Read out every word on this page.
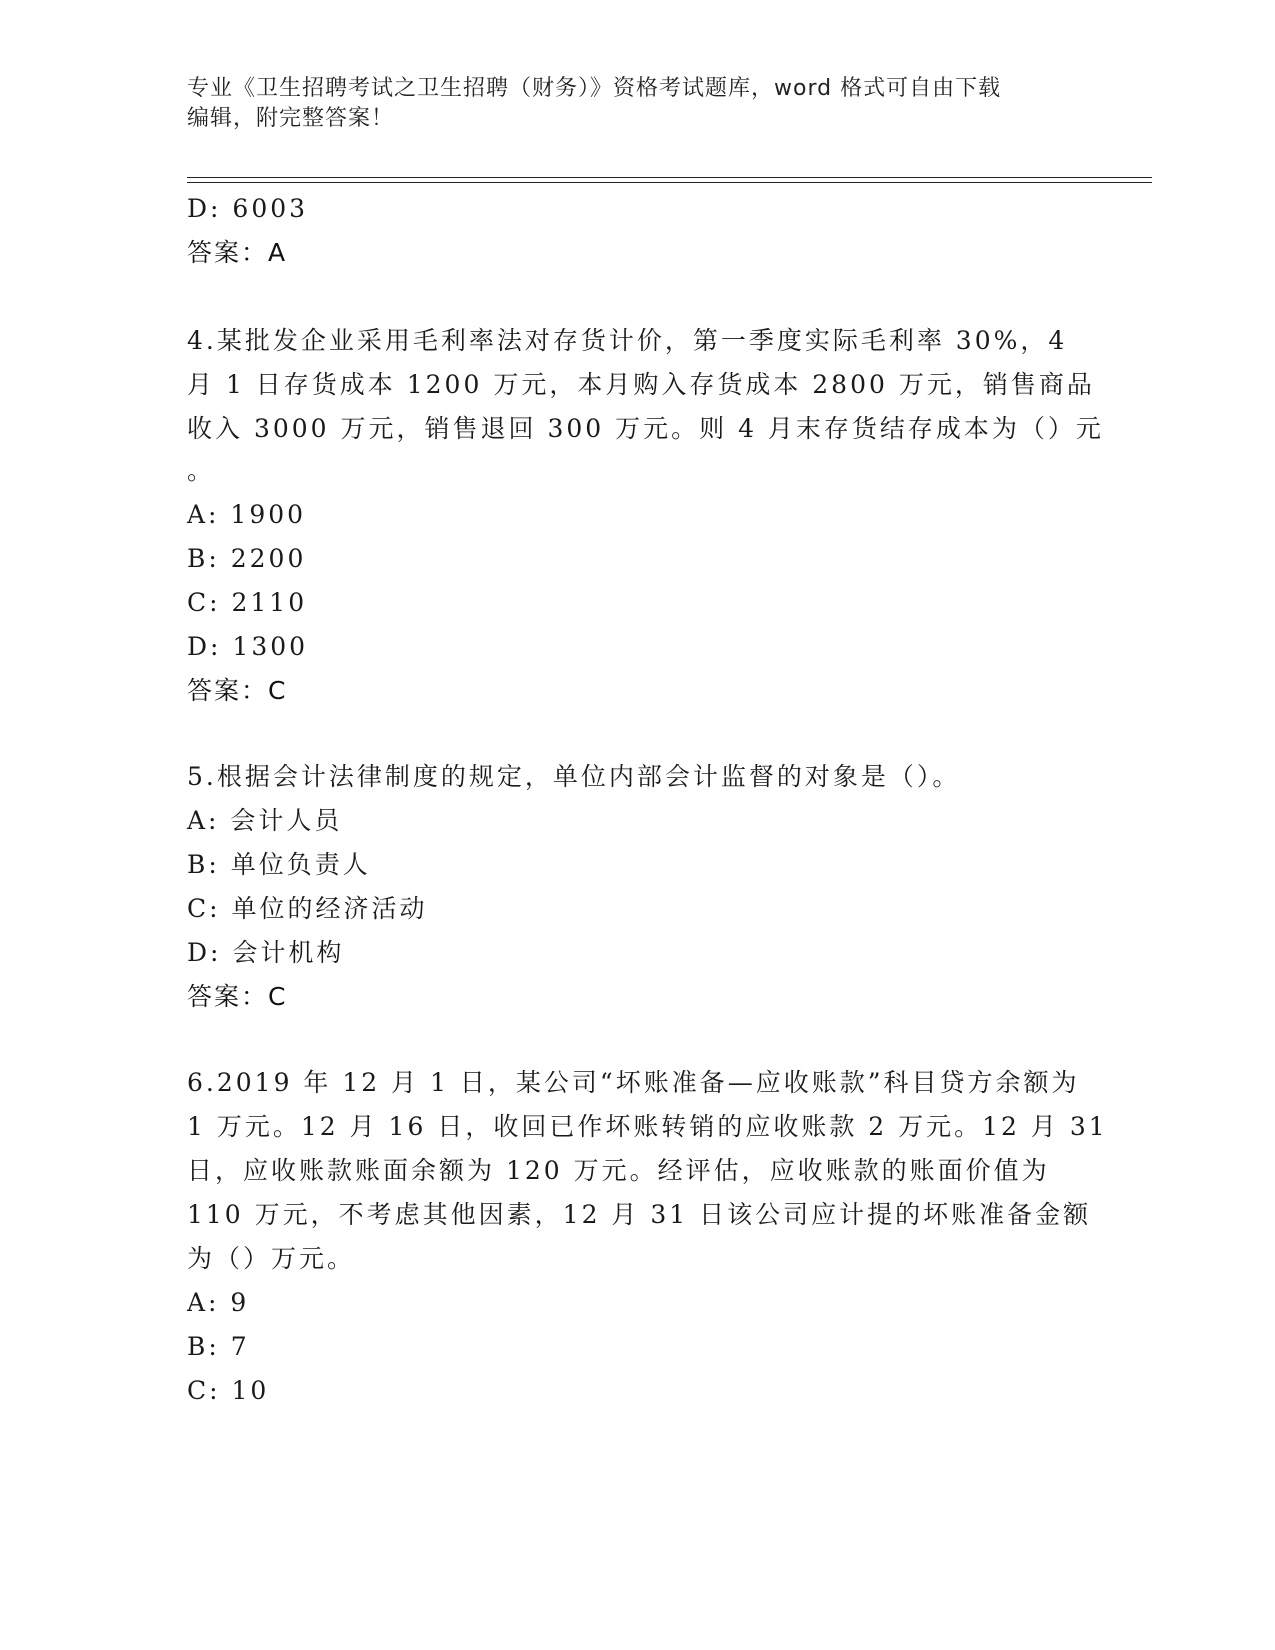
专业《卫生招聘考试之卫生招聘（财务）》资格考试题库，word 格式可自由下载
编辑，附完整答案！
D: 6003
答案：A
4.某批发企业采用毛利率法对存货计价，第一季度实际毛利率 30%，4
月 1 日存货成本 1200 万元，本月购入存货成本 2800 万元，销售商品
收入 3000 万元，销售退回 300 万元。则 4 月末存货结存成本为（）元
。
A: 1900
B: 2200
C: 2110
D: 1300
答案：C
5.根据会计法律制度的规定，单位内部会计监督的对象是（）。
A: 会计人员
B: 单位负责人
C: 单位的经济活动
D: 会计机构
答案：C
6.2019 年 12 月 1 日，某公司“坏账准备—应收账款”科目贷方余额为
1 万元。12 月 16 日，收回已作坏账转销的应收账款 2 万元。12 月 31
日，应收账款账面余额为 120 万元。经评估，应收账款的账面价值为
110 万元，不考虑其他因素，12 月 31 日该公司应计提的坏账准备金额
为（）万元。
A: 9
B: 7
C: 10
